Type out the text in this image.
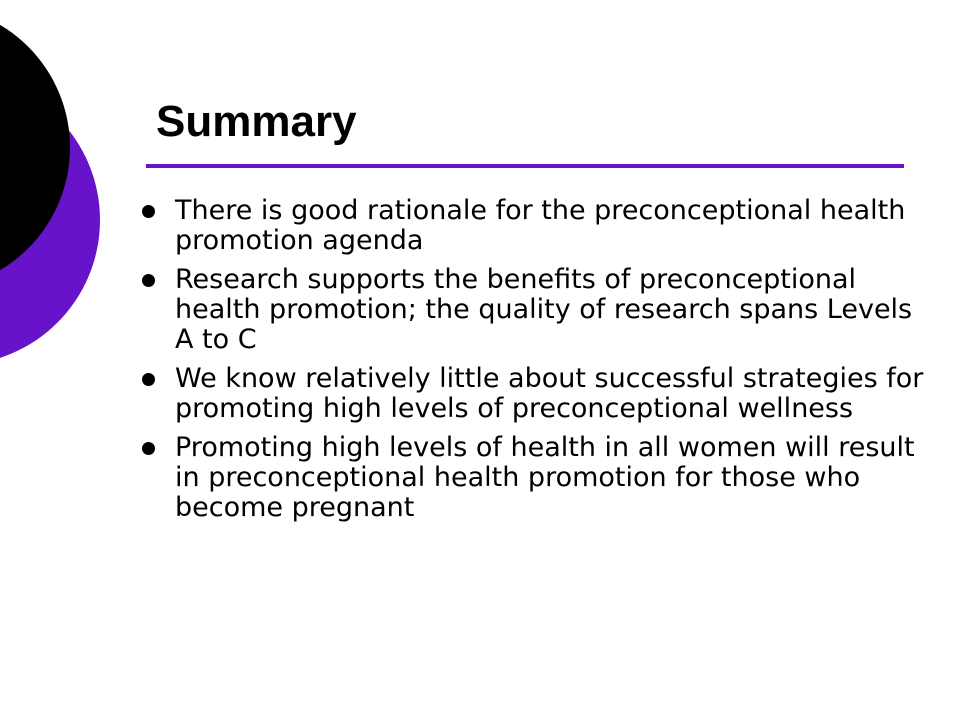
Summary
There is good rationale for the preconceptional health promotion agenda
Research supports the benefits of preconceptional health promotion; the quality of research spans Levels A to C
We know relatively little about successful strategies for promoting high levels of preconceptional wellness
Promoting high levels of health in all women will result in preconceptional health promotion for those who become pregnant
